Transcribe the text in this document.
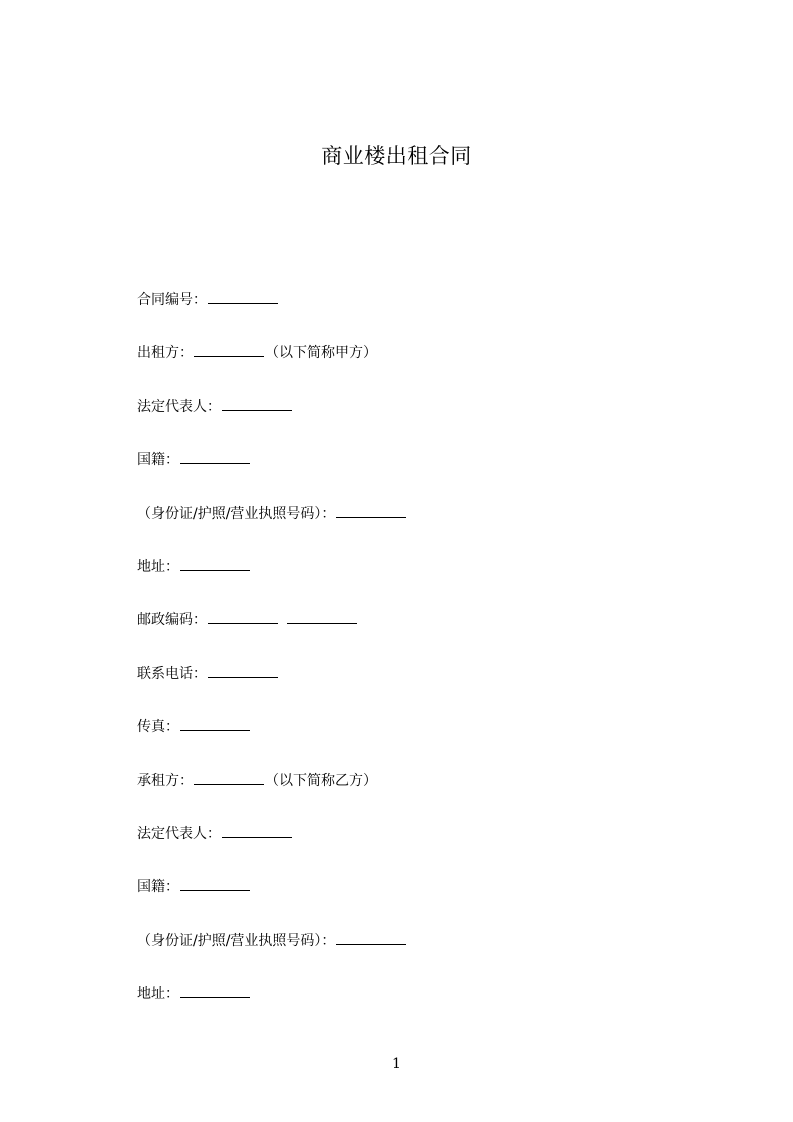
商业楼出租合同
合同编号：
出租方：	（以下简称甲方）
法定代表人：
国籍：
（身份证/护照/营业执照号码）：
地址：
邮政编码：
联系电话：
传真：
承租方：	（以下简称乙方）
法定代表人：
国籍：
（身份证/护照/营业执照号码）：
地址：
1
